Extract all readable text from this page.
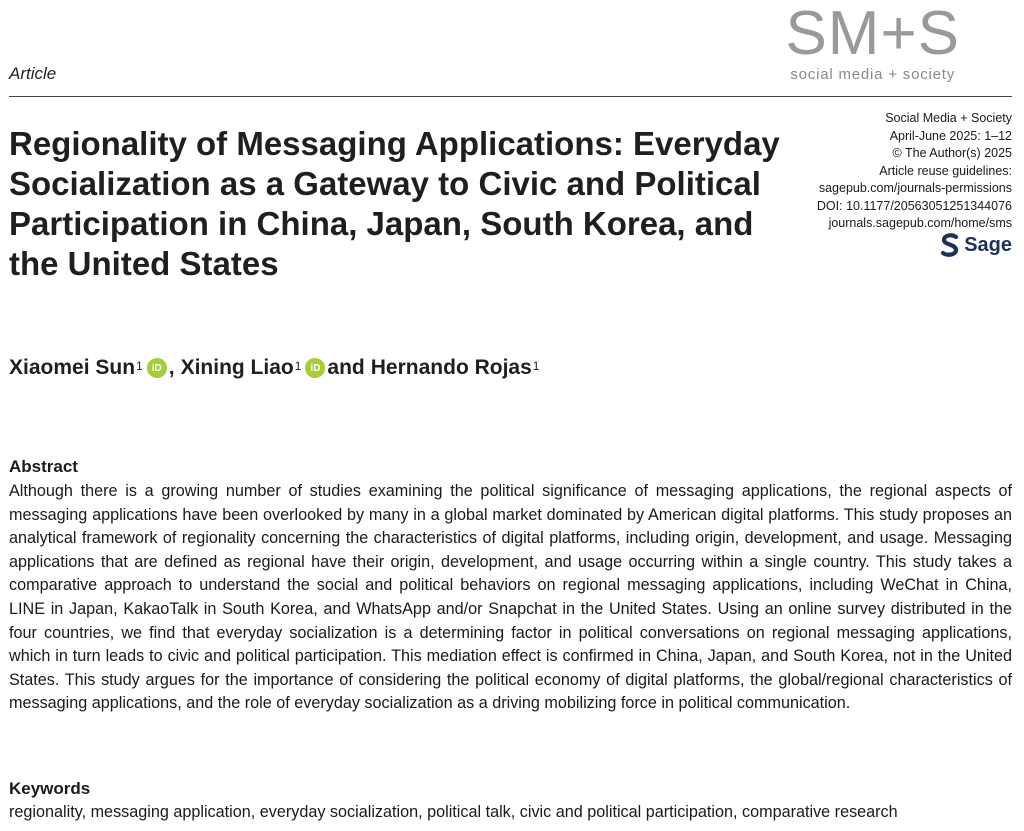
Article
SM+S
social media + society
Regionality of Messaging Applications: Everyday Socialization as a Gateway to Civic and Political Participation in China, Japan, South Korea, and the United States
Social Media + Society
April-June 2025: 1–12
© The Author(s) 2025
Article reuse guidelines:
sagepub.com/journals-permissions
DOI: 10.1177/20563051251344076
journals.sagepub.com/home/sms
Sage
Xiaomei Sun$^1$ iD , Xining Liao$^1$ iD and Hernando Rojas$^1$
Abstract

Although there is a growing number of studies examining the political significance of messaging applications, the regional aspects of messaging applications have been overlooked by many in a global market dominated by American digital platforms. This study proposes an analytical framework of regionality concerning the characteristics of digital platforms, including origin, development, and usage. Messaging applications that are defined as regional have their origin, development, and usage occurring within a single country. This study takes a comparative approach to understand the social and political behaviors on regional messaging applications, including WeChat in China, LINE in Japan, KakaoTalk in South Korea, and WhatsApp and/or Snapchat in the United States. Using an online survey distributed in the four countries, we find that everyday socialization is a determining factor in political conversations on regional messaging applications, which in turn leads to civic and political participation. This mediation effect is confirmed in China, Japan, and South Korea, not in the United States. This study argues for the importance of considering the political economy of digital platforms, the global/regional characteristics of messaging applications, and the role of everyday socialization as a driving mobilizing force in political communication.

Keywords
regionality, messaging application, everyday socialization, political talk, civic and political participation, comparative research
